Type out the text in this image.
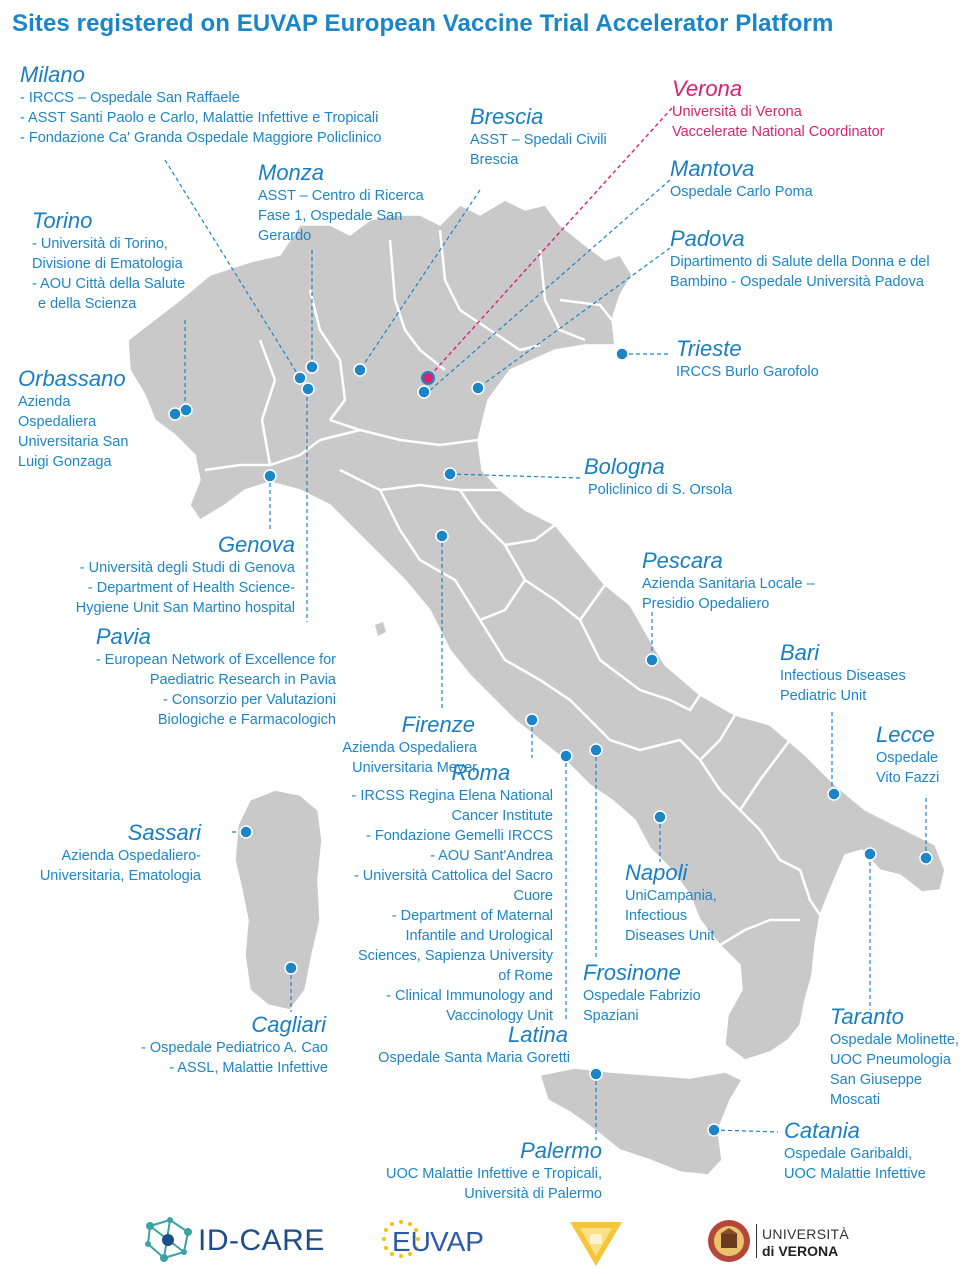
Sites registered on EUVAP European Vaccine Trial Accelerator Platform
Milano
- IRCCS – Ospedale San Raffaele
- ASST Santi Paolo e Carlo, Malattie Infettive e Tropicali
- Fondazione Ca' Granda Ospedale Maggiore Policlinico
Brescia
ASST – Spedali Civili
Brescia
Verona
Università di Verona
Vaccelerate National Coordinator
Monza
ASST – Centro di Ricerca
Fase 1, Ospedale San
Gerardo
Mantova
Ospedale Carlo Poma
Torino
- Università di Torino,
Divisione di Ematologia
- AOU Città della Salute
e della Scienza
Padova
Dipartimento di Salute della Donna e del
Bambino - Ospedale Università Padova
Trieste
IRCCS Burlo Garofolo
Orbassano
Azienda
Ospedaliera
Universitaria San
Luigi Gonzaga	Bologna
Policlinico di S. Orsola
Genova
- Università degli Studi di Genova
- Department of Health Science-
Hygiene Unit San Martino hospital
Pescara
Azienda Sanitaria Locale –
Presidio Opedaliero
Pavia
- European Network of Excellence for
Paediatric Research in Pavia
- Consorzio per Valutazioni
Biologiche e Farmacologich
Bari
Infectious Diseases
Pediatric Unit
Firenze
Azienda Ospedaliera
Universitaria Meyer
Lecce
Ospedale
Vito Fazzi
Roma
- IRCSS Regina Elena National
Cancer Institute
- Fondazione Gemelli IRCCS
- AOU Sant'Andrea
- Università Cattolica del Sacro
Cuore
- Department of Maternal
Infantile and Urological
Sciences, Sapienza University
of Rome
- Clinical Immunology and
Vaccinology Unit
Sassari
Azienda Ospedaliero-
Universitaria, Ematologia	Napoli
UniCampania,
Infectious
Diseases Unit
Frosinone
Ospedale Fabrizio
Spaziani
Cagliari
- Ospedale Pediatrico A. Cao
- ASSL, Malattie Infettive
Latina
Ospedale Santa Maria Goretti
Taranto
Ospedale Molinette,
UOC Pneumologia
San Giuseppe
Moscati
Catania
Ospedale Garibaldi,
UOC Malattie Infettive
Palermo
UOC Malattie Infettive e Tropicali,
Università di Palermo
ID-CARE EU VAP	UNIVERSITÀ
di VERONA
